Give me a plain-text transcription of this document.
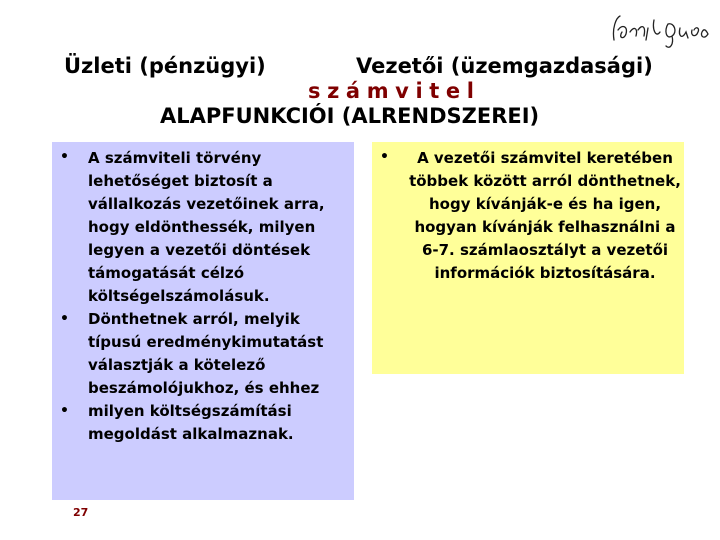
Üzleti (pénzügyi)	Vezetői (üzemgazdasági)
számvitel
ALAPFUNKCIÓI (ALRENDSZEREI)
•
•
•
A számviteli törvény lehetőséget biztosít a vállalkozás vezetőinek arra, hogy eldönthessék, milyen legyen a vezetői döntések támogatását célzó költségelszámolásuk. Dönthetnek arról, melyik típusú eredménykimutatást választják a kötelező beszámolójukhoz, és ehhez milyen költségszámítási megoldást alkalmaznak.
•	A vezetői számvitel keretében többek között arról dönthetnek, hogy kívánják-e és ha igen, hogyan kívánják felhasználni a 6-7. számlaosztályt a vezetői információk biztosítására.
27
